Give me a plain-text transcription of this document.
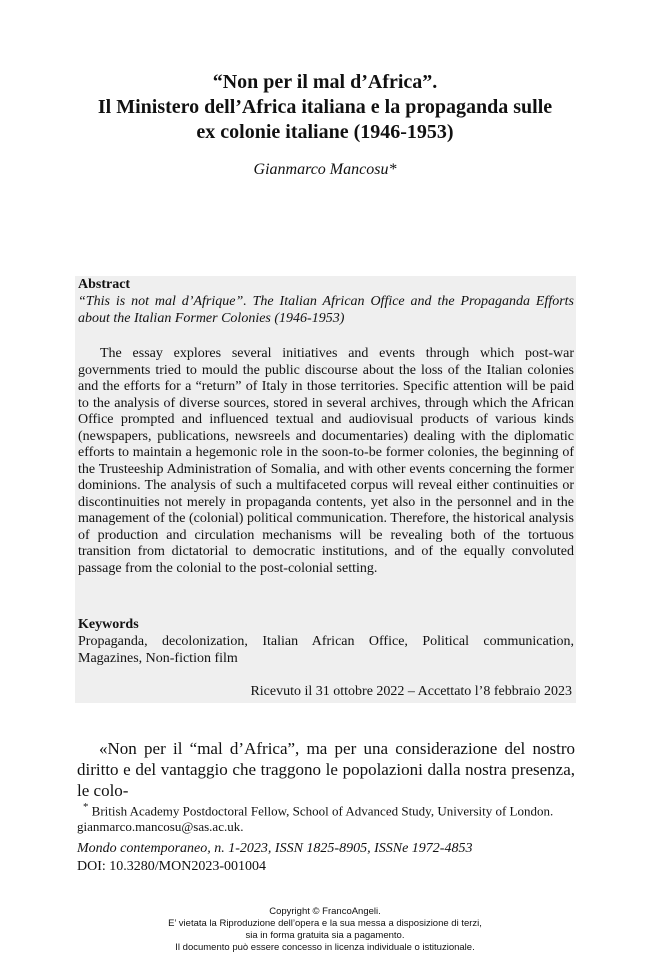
“Non per il mal d’Africa”.
Il Ministero dell’Africa italiana e la propaganda sulle
ex colonie italiane (1946-1953)
Gianmarco Mancosu*
Abstract
“This is not mal d’Afrique”. The Italian African Office and the Propaganda Efforts about the Italian Former Colonies (1946-1953)
The essay explores several initiatives and events through which post-war governments tried to mould the public discourse about the loss of the Italian colonies and the efforts for a “return” of Italy in those territories. Specific attention will be paid to the analysis of diverse sources, stored in several archives, through which the African Office prompted and influenced textual and audiovisual products of various kinds (newspapers, publications, newsreels and documentaries) dealing with the diplomatic efforts to maintain a hegemonic role in the soon-to-be former colonies, the beginning of the Trusteeship Administration of Somalia, and with other events concerning the former dominions. The analysis of such a multifaceted corpus will reveal either continuities or discontinuities not merely in propaganda contents, yet also in the personnel and in the management of the (colonial) political communication. Therefore, the historical analysis of production and circulation mechanisms will be revealing both of the tortuous transition from dictatorial to democratic institutions, and of the equally convoluted passage from the colonial to the post-colonial setting.
Keywords
Propaganda, decolonization, Italian African Office, Political communication, Magazines, Non-fiction film
Ricevuto il 31 ottobre 2022 – Accettato l’8 febbraio 2023
«Non per il “mal d’Africa”, ma per una considerazione del nostro diritto e del vantaggio che traggono le popolazioni dalla nostra presenza, le colo-
* British Academy Postdoctoral Fellow, School of Advanced Study, University of London. gianmarco.mancosu@sas.ac.uk.
Mondo contemporaneo, n. 1-2023, ISSN 1825-8905, ISSNe 1972-4853
DOI: 10.3280/MON2023-001004
Copyright © FrancoAngeli.
E’ vietata la Riproduzione dell’opera e la sua messa a disposizione di terzi,
sia in forma gratuita sia a pagamento.
Il documento può essere concesso in licenza individuale o istituzionale.
